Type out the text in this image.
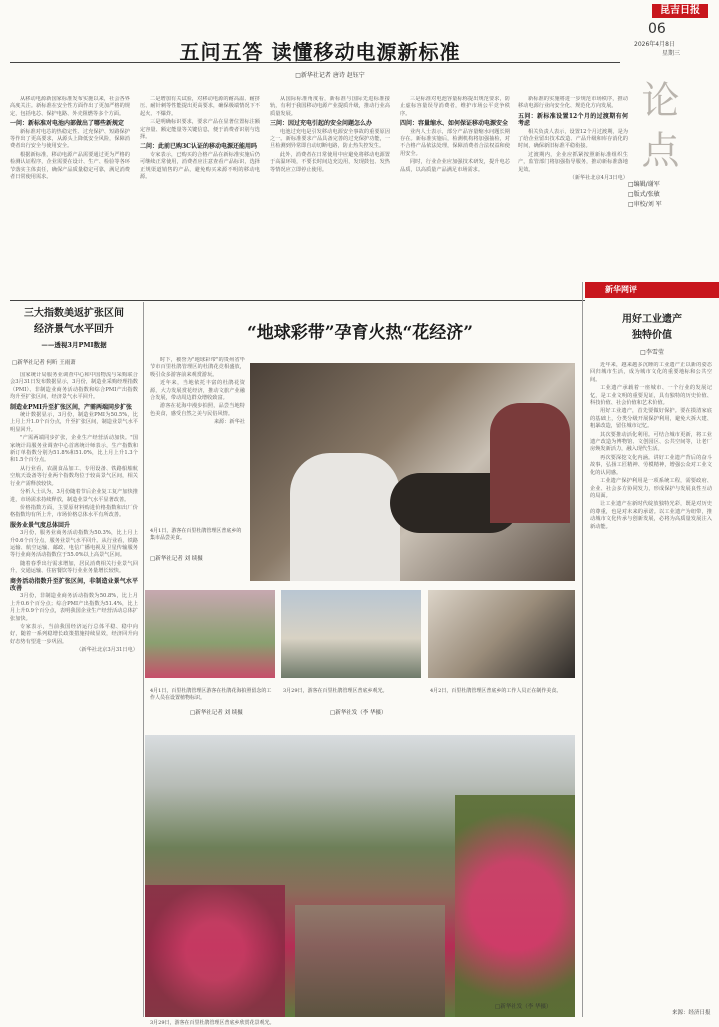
昆吉日报
06
2026年4月8日
星期三
五问五答 读懂移动电源新标准
□新华社记者 唐诗 赵钰宁

从移动电源新国家标准发布实施以来，社会各界高度关注。新标准在安全性方面作出了更加严格的规定，包括电芯、保护电路、外壳阻燃等多个方面。

一问：新标准对电池内部做出了哪些新规定

新标准对电芯的热稳定性、过充保护、短路保护等作出了更高要求，从源头上降低安全风险，保障消费者出行安全与使用安全。

根据新标准，移动电源产品需要通过更为严格的检测认证程序，企业需要在设计、生产、检验等各环节落实主体责任，确保产品质量稳定可靠，满足消费者日常使用需求。

二是增加有关试验，对移动电源的耐高温、耐挤压、耐针刺等性能提出更高要求，确保极端情况下不起火、不爆炸。

三是明确标识要求，要求产品在显著位置标注额定容量、额定能量等关键信息，便于消费者识别与选择。

二问：此前已购3C认证的移动电源还能用吗

专家表示，已购买的合格产品在新标准实施后仍可继续正常使用，消费者应注意查看产品标识，选择正规渠道销售的产品，避免购买来源不明的移动电源。

从国际标准角度看，新标准与国际先进标准接轨，有利于我国移动电源产业提质升级，推动行业高质量发展。

三问：因过充电引起的安全问题怎么办

电池过充电是引发移动电源安全事故的重要原因之一。新标准要求产品具备完善的过充保护功能，一旦检测到异常即自动切断电路，防止热失控发生。

此外，消费者在日常使用中应避免将移动电源置于高温环境，不要长时间边充边用，发现鼓包、发热等情况应立即停止使用。

三是标准对电池容量标称提出规范要求，防止虚标容量误导消费者，维护市场公平竞争秩序。

四问：容量缩水、如何保证移动电源安全

业内人士表示，部分产品容量缩水问题长期存在。新标准实施后，检测机构将加强抽检，对不合格产品依法处理，保障消费者合法权益和使用安全。

同时，行业企业应加强技术研发，提升电芯品质，以高质量产品满足市场需求。

新标准的实施将进一步规范市场秩序，推动移动电源行业向安全化、规范化方向发展。

五问：新标准设置12个月的过渡期有何考虑

相关负责人表示，设置12个月过渡期，是为了给企业留出技术改造、产品升级和库存消化的时间，确保新旧标准平稳衔接。

过渡期内，企业应抓紧按照新标准组织生产，监管部门将加强指导服务，推动新标准落地见效。

（新华社北京4月3日电）

论 点
□编辑/谢军
□版式/张敏
□审校/刘 军
三大指数美返扩张区间
经济景气水平回升
——透视3月PMI数据
□新华社记者 何昕 王雨萧

国家统计局服务业调查中心和中国物流与采购联合会3月31日发布数据显示，3月份，制造业采购经理指数（PMI）、非制造业商务活动指数和综合PMI产出指数均升至扩张区间，经济景气水平回升。

制造业PMI升至扩张区间，产需两端同步扩张

统计数据显示，3月份，制造业PMI为50.5%，比上月上升1.0个百分点，升至扩张区间，制造业景气水平明显回升。

"产需两端同步扩张，企业生产经营活动加快。"国家统计局服务业调查中心首席统计师表示，生产指数和新订单指数分别为51.8%和51.0%，比上月上升1.3个和1.5个百分点。

从行业看，农副食品加工、专用设备、铁路船舶航空航天设备等行业两个指数均位于较高景气区间，相关行业产需释放较快。

分析人士认为，3月份随着节后企业复工复产加快推进，市场需求持续释放，制造业景气水平显著改善。

价格指数方面，主要原材料购进价格指数和出厂价格指数均有所上升，市场价格总体水平有所改善。

服务业景气度总体回升

3月份，服务业商务活动指数为50.3%，比上月上升0.6个百分点，服务业景气水平回升。从行业看，铁路运输、航空运输、邮政、电信广播电视及卫星传输服务等行业商务活动指数位于55.0%以上高景气区间。

随着春季出行需求增加，居民消费相关行业景气回升，交通运输、住宿餐饮等行业业务量增长较快。

商务活动指数升至扩张区间，非制造业景气水平改善

3月份，非制造业商务活动指数为50.8%，比上月上升0.6个百分点；综合PMI产出指数为51.4%，比上月上升0.9个百分点，表明我国企业生产经营活动总体扩张加快。

专家表示，当前我国经济运行总体平稳、稳中向好，随着一系列稳增长政策措施持续显效，经济回升向好态势有望进一步巩固。

（新华社北京3月31日电）

“地球彩带”孕育火热“花经济”

时下，被誉为"地球彩带"的贵州省毕节市百里杜鹃管理区的杜鹃花竞相盛放，吸引众多游客前来观赏游玩。

近年来，当地依托丰富的杜鹃花资源，大力发展赏花经济，推动文旅产业融合发展，带动周边群众增收致富。

游客在花海中漫步拍照，品尝当地特色美食，感受自然之美与民俗风情。

来源：新华社

4月1日，游客在百里杜鹃管理区普底乡的集市品尝美食。
□新华社记者 刘 续摄
4月1日，百里杜鹃管理区游客在杜鹃花海拍照留念的工作人员在设置植物标识。
□新华社记者 刘 续摄
3月29日，游客在百里杜鹃管理区普底乡观光。
□新华社发（李 华摄）
4月2日，百里杜鹃管理区普底乡的工作人员正在制作美食。
3月29日，游客在百里杜鹃管理区普底乡欣赏花景观光。
□新华社发（李 华摄）
新华网评
用好工业遗产
独特价值
□李雪莹

近年来，越来越多沉睡的工业遗产正以新的姿态回归城市生活，成为城市文化的重要地标和公共空间。

工业遗产承载着一座城市、一个行业的发展记忆，是工业文明的重要见证，具有独特的历史价值、科技价值、社会价值和艺术价值。

用好工业遗产，首先要做好保护。要在摸清家底的基础上，分类分级开展保护利用，避免大拆大建、粗暴改造，留住城市记忆。

其次要推动活化利用。可结合城市更新，将工业遗产改造为博物馆、文创园区、公共空间等，让老厂房焕发新活力，融入现代生活。

再次要深挖文化内涵。讲好工业遗产背后的奋斗故事，弘扬工匠精神、劳模精神，增强公众对工业文化的认同感。

工业遗产保护利用是一项系统工程，需要政府、企业、社会多方协同发力，形成保护与发展良性互动的局面。

让工业遗产在新时代绽放独特光彩，既是对历史的尊重，也是对未来的承诺。以工业遗产为纽带，推动城市文化传承与创新发展，必将为高质量发展注入新动能。

来源：经济日报
